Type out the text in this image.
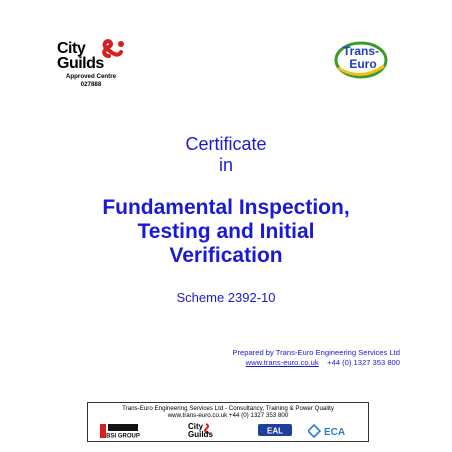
City
Guilds
Approved Centre
027888
Trans-
Euro
Certificate
in
Fundamental Inspection,
Testing and Initial
Verification
Scheme 2392-10
Prepared by Trans-Euro Engineering Services Ltd
www.trans-euro.co.uk +44 (0) 1327 353 800
Trans-Euro Engineering Services Ltd - Consultancy, Training & Power Quality
www.trans-euro.co.uk +44 (0) 1327 353 800
BSI GROUP
City
Guilds	EAL	ECA
